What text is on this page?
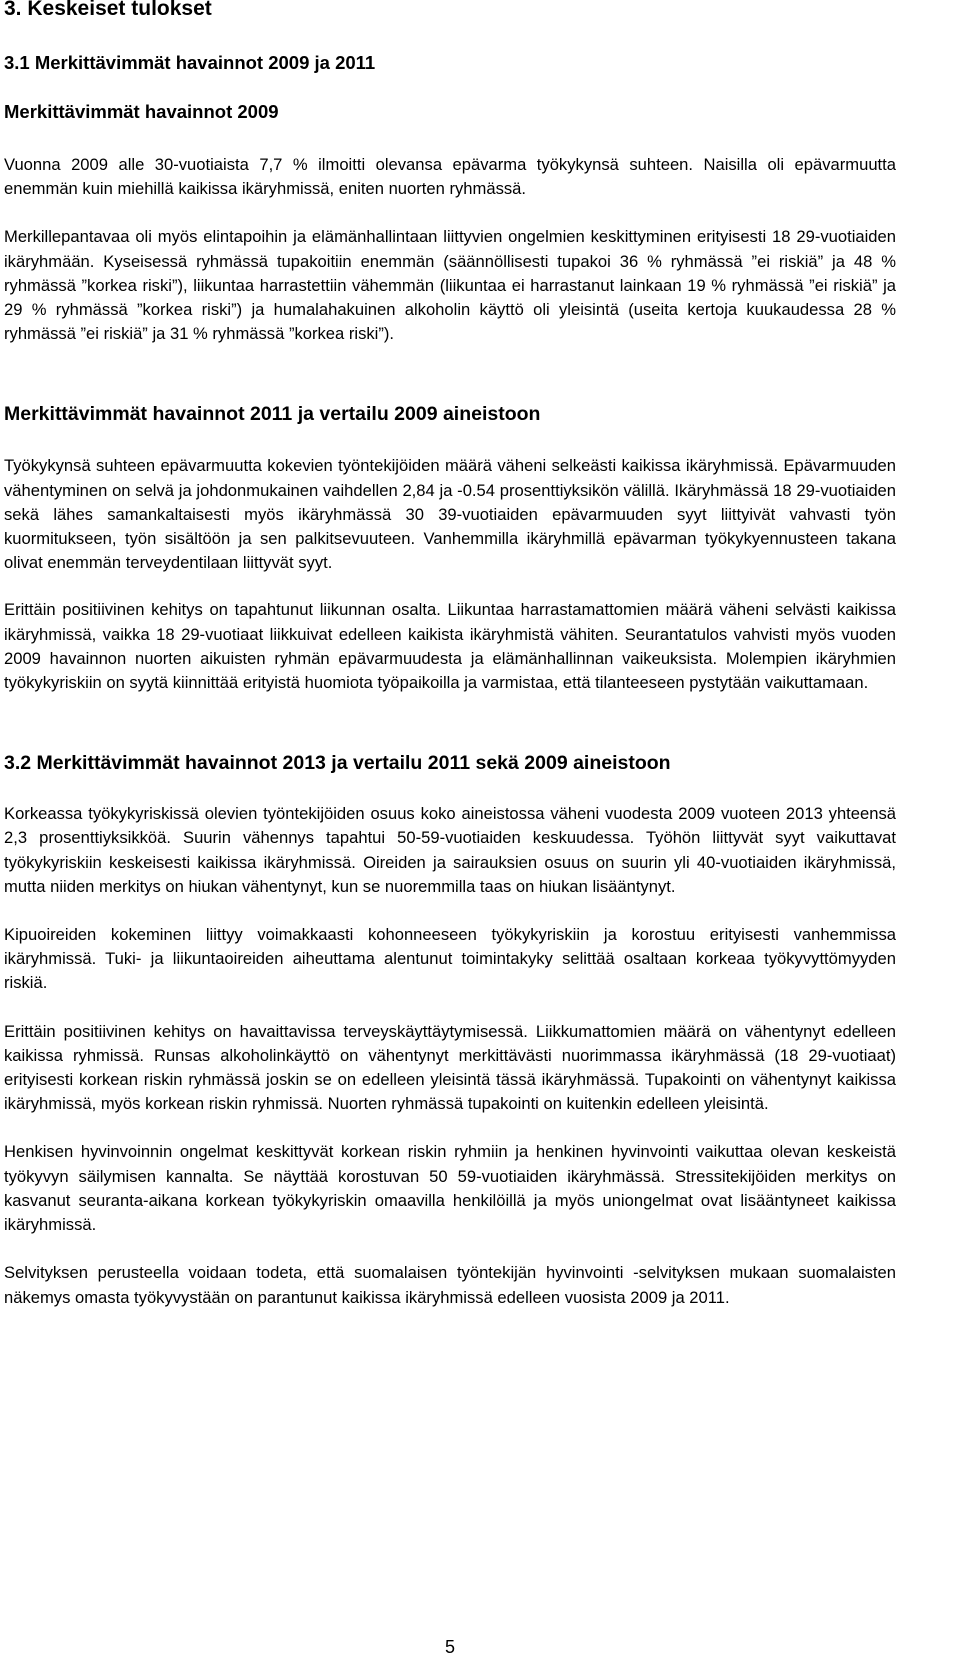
3. Keskeiset tulokset
3.1 Merkittävimmät havainnot 2009 ja 2011
Merkittävimmät havainnot 2009

Vuonna 2009 alle 30-vuotiaista 7,7 % ilmoitti olevansa epävarma työkykynsä suhteen. Naisilla oli epävarmuutta enemmän kuin miehillä kaikissa ikäryhmissä, eniten nuorten ryhmässä.

Merkillepantavaa oli myös elintapoihin ja elämänhallintaan liittyvien ongelmien keskittyminen erityisesti 18 29-vuotiaiden ikäryhmään. Kyseisessä ryhmässä tupakoitiin enemmän (säännöllisesti tupakoi 36 % ryhmässä ”ei riskiä” ja 48 % ryhmässä ”korkea riski”), liikuntaa harrastettiin vähemmän (liikuntaa ei harrastanut lainkaan 19 % ryhmässä ”ei riskiä” ja 29 % ryhmässä ”korkea riski”) ja humalahakuinen alkoholin käyttö oli yleisintä (useita kertoja kuukaudessa 28 % ryhmässä ”ei riskiä” ja 31 % ryhmässä ”korkea riski”).

Merkittävimmät havainnot 2011 ja vertailu 2009 aineistoon

Työkykynsä suhteen epävarmuutta kokevien työntekijöiden määrä väheni selkeästi kaikissa ikäryhmissä. Epävarmuuden vähentyminen on selvä ja johdonmukainen vaihdellen 2,84 ja -0.54 prosenttiyksikön välillä. Ikäryhmässä 18 29-vuotiaiden sekä lähes samankaltaisesti myös ikäryhmässä 30 39-vuotiaiden epävarmuuden syyt liittyivät vahvasti työn kuormitukseen, työn sisältöön ja sen palkitsevuuteen. Vanhemmilla ikäryhmillä epävarman työkykyennusteen takana olivat enemmän terveydentilaan liittyvät syyt.

Erittäin positiivinen kehitys on tapahtunut liikunnan osalta. Liikuntaa harrastamattomien määrä väheni selvästi kaikissa ikäryhmissä, vaikka 18 29-vuotiaat liikkuivat edelleen kaikista ikäryhmistä vähiten. Seurantatulos vahvisti myös vuoden 2009 havainnon nuorten aikuisten ryhmän epävarmuudesta ja elämänhallinnan vaikeuksista. Molempien ikäryhmien työkykyriskiin on syytä kiinnittää erityistä huomiota työpaikoilla ja varmistaa, että tilanteeseen pystytään vaikuttamaan.

3.2 Merkittävimmät havainnot 2013 ja vertailu 2011 sekä 2009 aineistoon

Korkeassa työkykyriskissä olevien työntekijöiden osuus koko aineistossa väheni vuodesta 2009 vuoteen 2013 yhteensä 2,3 prosenttiyksikköä. Suurin vähennys tapahtui 50-59-vuotiaiden keskuudessa. Työhön liittyvät syyt vaikuttavat työkykyriskiin keskeisesti kaikissa ikäryhmissä. Oireiden ja sairauksien osuus on suurin yli 40-vuotiaiden ikäryhmissä, mutta niiden merkitys on hiukan vähentynyt, kun se nuoremmilla taas on hiukan lisääntynyt.

Kipuoireiden kokeminen liittyy voimakkaasti kohonneeseen työkykyriskiin ja korostuu erityisesti vanhemmissa ikäryhmissä. Tuki- ja liikuntaoireiden aiheuttama alentunut toimintakyky selittää osaltaan korkeaa työkyvyttömyyden riskiä.

Erittäin positiivinen kehitys on havaittavissa terveyskäyttäytymisessä. Liikkumattomien määrä on vähentynyt edelleen kaikissa ryhmissä. Runsas alkoholinkäyttö on vähentynyt merkittävästi nuorimmassa ikäryhmässä (18 29-vuotiaat) erityisesti korkean riskin ryhmässä joskin se on edelleen yleisintä tässä ikäryhmässä. Tupakointi on vähentynyt kaikissa ikäryhmissä, myös korkean riskin ryhmissä. Nuorten ryhmässä tupakointi on kuitenkin edelleen yleisintä.

Henkisen hyvinvoinnin ongelmat keskittyvät korkean riskin ryhmiin ja henkinen hyvinvointi vaikuttaa olevan keskeistä työkyvyn säilymisen kannalta. Se näyttää korostuvan 50 59-vuotiaiden ikäryhmässä. Stressitekijöiden merkitys on kasvanut seuranta-aikana korkean työkykyriskin omaavilla henkilöillä ja myös uniongelmat ovat lisääntyneet kaikissa ikäryhmissä.

Selvityksen perusteella voidaan todeta, että suomalaisen työntekijän hyvinvointi -selvityksen mukaan suomalaisten näkemys omasta työkyvystään on parantunut kaikissa ikäryhmissä edelleen vuosista 2009 ja 2011.

5
